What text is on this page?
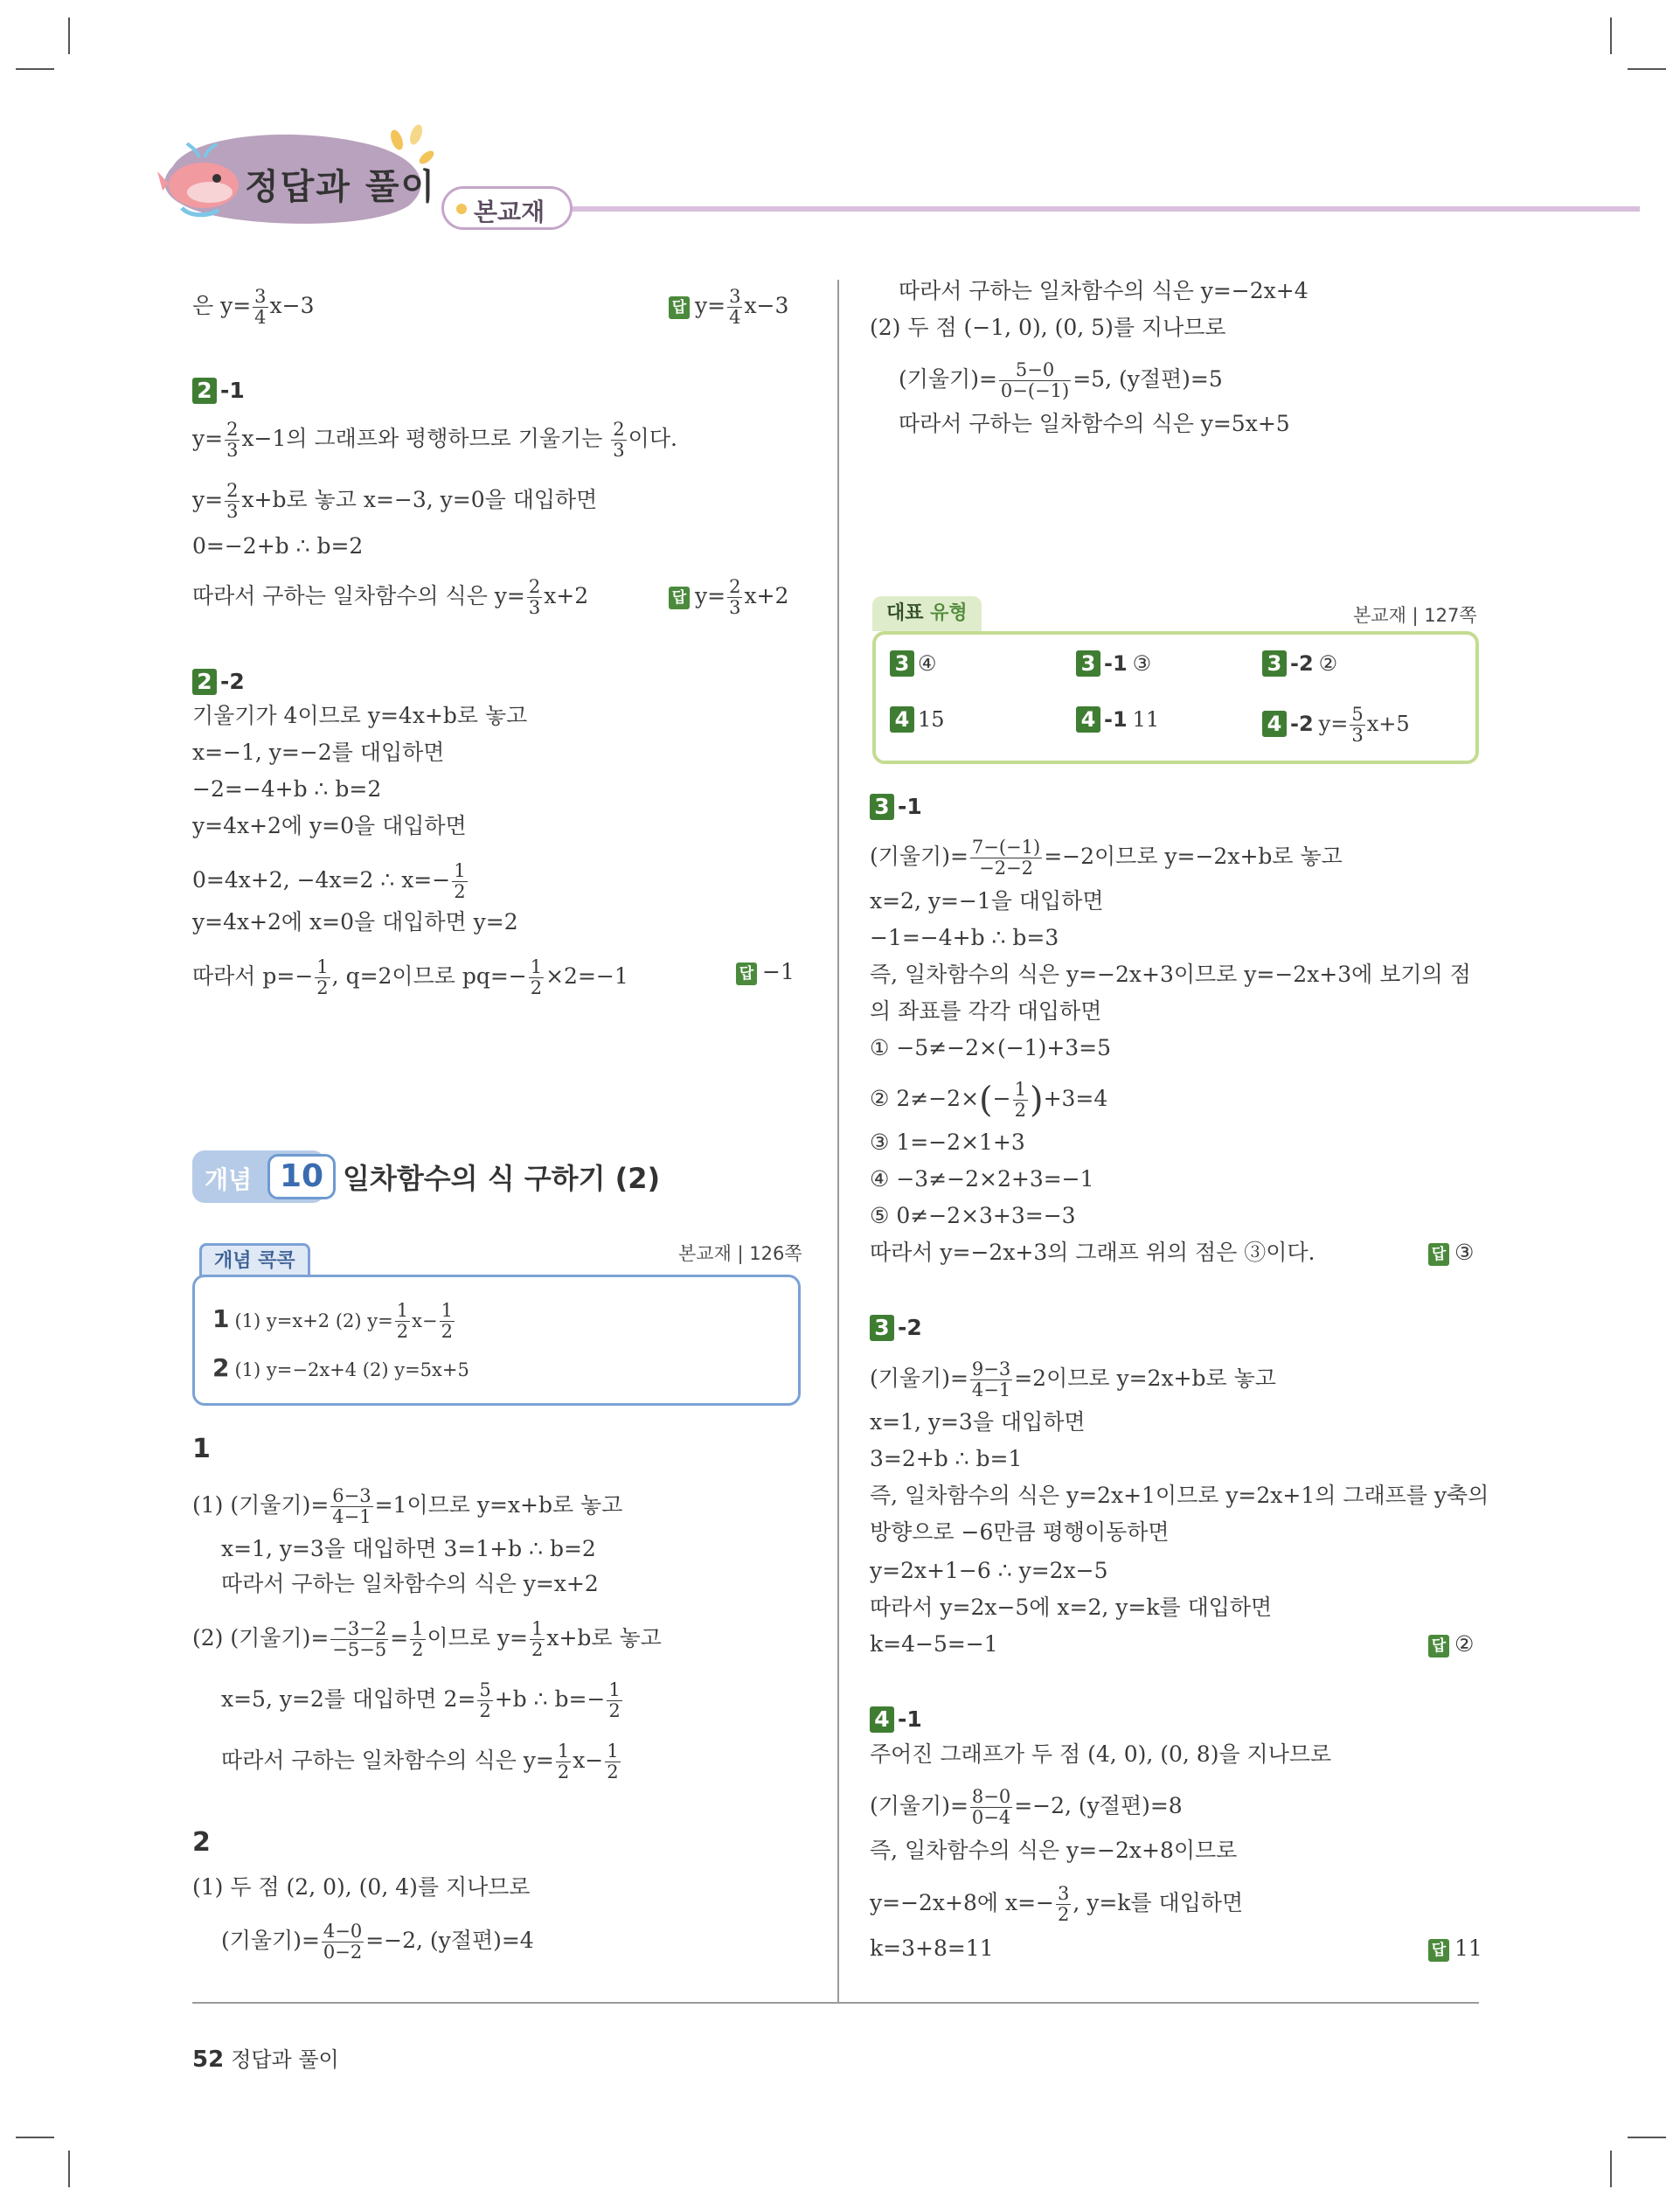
정답과 풀이
본교재
은 $y= \frac{3}{4} x-3$	답 $y= \frac{3}{4} x-3$
2 -1
$y= \frac{2}{3} x-1$의 그래프와 평행하므로 기울기는 $\frac{2}{3}$ 이다.
$y= \frac{2}{3} x+b$로 놓고 x=−3, y=0을 대입하면
0=−2+b ∴ b=2
따라서 구하는 일차함수의 식은 $y= \frac{2}{3} x+2$	답 $y= \frac{2}{3} x+2$
2 -2
기울기가 4이므로 y=4x+b로 놓고
x=−1, y=−2를 대입하면
−2=−4+b ∴ b=2
y=4x+2에 y=0을 대입하면
0=4x+2, −4x=2 ∴ $x=- \frac{1}{2}$
y=4x+2에 x=0을 대입하면 y=2
따라서 $p=- \frac{1}{2}$ , q=2이므로 $pq=- \frac{1}{2} \times 2=-1$	답 −1
개념 10 일차함수의 식 구하기 (2)
개념 콕콕	본교재 | 126쪽
1 (1) y=x+2 (2) $y= \frac{1}{2} x- \frac{1}{2}$
2 (1) y=−2x+4 (2) y=5x+5
1
(1) (기울기)= $\frac{6-3}{4-1} =1$이므로 y=x+b로 놓고
x=1, y=3을 대입하면 3=1+b ∴ b=2
따라서 구하는 일차함수의 식은 y=x+2
(2) (기울기)= $\frac{-3-2}{-5-5} = \frac{1}{2}$ 이므로 $y= \frac{1}{2} x+b$로 놓고
x=5, y=2를 대입하면 $2= \frac{5}{2} +b$ ∴ $b=- \frac{1}{2}$
따라서 구하는 일차함수의 식은 $y= \frac{1}{2} x- \frac{1}{2}$
2
(1) 두 점 (2, 0), (0, 4)를 지나므로
(기울기)= $\frac{4-0}{0-2} =-2$, (y절편)=4
따라서 구하는 일차함수의 식은 y=−2x+4
(2) 두 점 (−1, 0), (0, 5)를 지나므로
(기울기)= $\frac{5-0}{0-(-1)} =5$, (y절편)=5
따라서 구하는 일차함수의 식은 y=5x+5
대표 유형	본교재 | 127쪽
3 ④	3 -1 ③	3 -2 ②
4 15	4 -1 11	4 -2 $y= \frac{5}{3} x+5$
3 -1
(기울기)= $\frac{7-(-1)}{-2-2} =-2$이므로 y=−2x+b로 놓고
x=2, y=−1을 대입하면
−1=−4+b ∴ b=3
즉, 일차함수의 식은 y=−2x+3이므로 y=−2x+3에 보기의 점
의 좌표를 각각 대입하면
① −5≠−2×(−1)+3=5
② $2\ne-2\times(- \frac{1}{2} )+3=4$
③ 1=−2×1+3
④ −3≠−2×2+3=−1
⑤ 0≠−2×3+3=−3
따라서 y=−2x+3의 그래프 위의 점은 ③이다.	답 ③
3 -2
(기울기)= $\frac{9-3}{4-1} =2$이므로 y=2x+b로 놓고
x=1, y=3을 대입하면
3=2+b ∴ b=1
즉, 일차함수의 식은 y=2x+1이므로 y=2x+1의 그래프를 y축의
방향으로 −6만큼 평행이동하면
y=2x+1−6 ∴ y=2x−5
따라서 y=2x−5에 x=2, y=k를 대입하면
k=4−5=−1	답 ②
4 -1
주어진 그래프가 두 점 (4, 0), (0, 8)을 지나므로
(기울기)= $\frac{8-0}{0-4} =-2$, (y절편)=8
즉, 일차함수의 식은 y=−2x+8이므로
y=−2x+8에 $x=- \frac{3}{2}$ , y=k를 대입하면
k=3+8=11	답 11
52 정답과 풀이
